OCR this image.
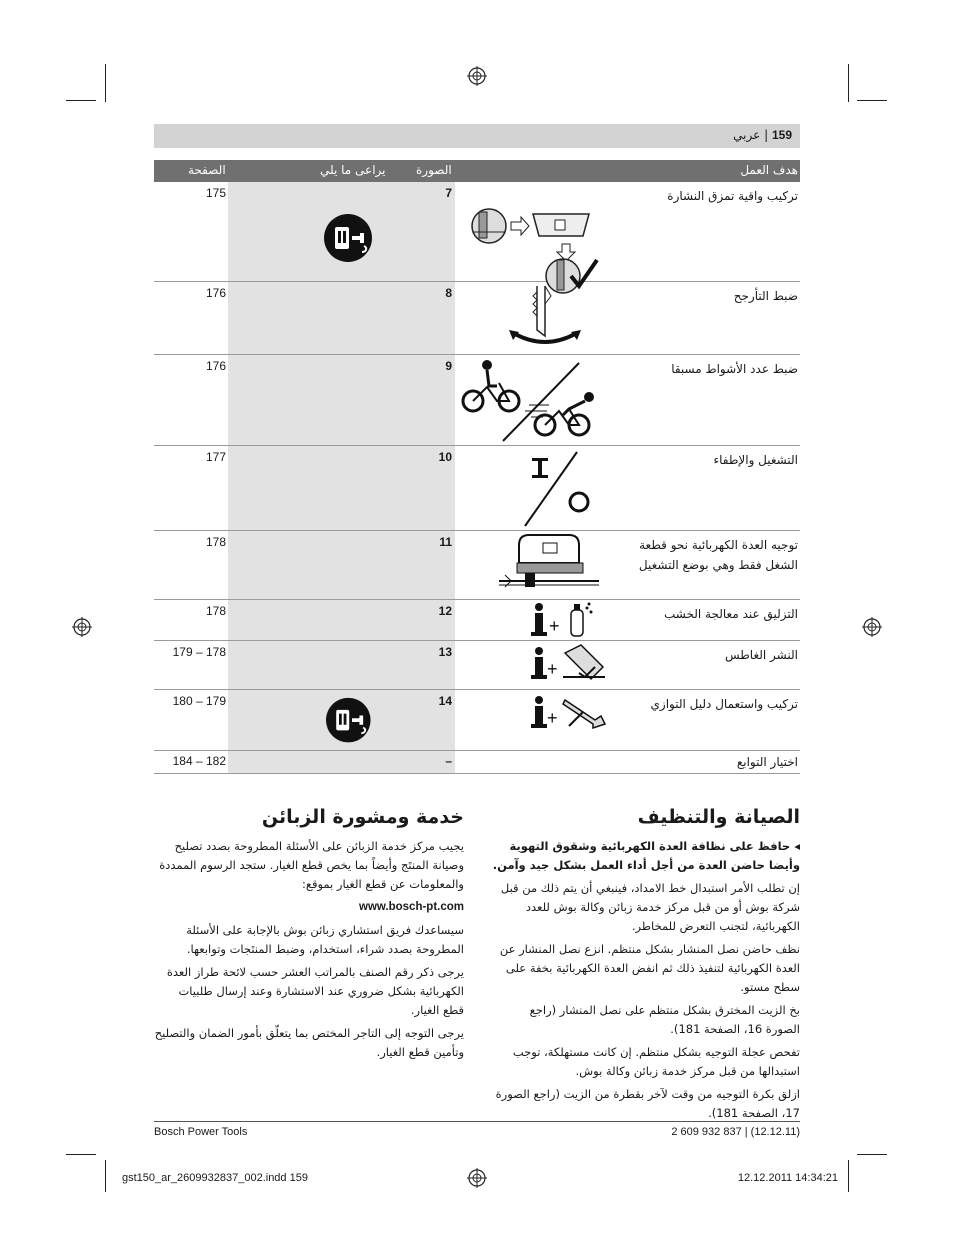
159 | عربي
الصفحة	يراعى ما يلي	الصورة	هدف العمل
175	7	تركيب واقية تمزق النشارة
176	8	ضبط التأرجح
176	9	ضبط عدد الأشواط مسبقا
177	10	التشغيل والإطفاء
178	11	توجيه العدة الكهربائية نحو قطعة الشغل فقط وهي بوضع التشغيل
178	12	التزليق عند معالجة الخشب
+
179 – 178	13	النشر الغاطس
+
180 – 179	14	تركيب واستعمال دليل التوازي
+
184 – 182	–	اختيار التوابع
الصيانة والتنظيف

◂ حافظ على نظافة العدة الكهربائية وشقوق التهوية وأيضا حاضن العدة من أجل أداء العمل بشكل جيد وآمن.

إن تطلب الأمر استبدال خط الامداد، فينبغي أن يتم ذلك من قبل شركة بوش أو من قبل مركز خدمة زبائن وكالة بوش للعدد الكهربائية، لتجنب التعرض للمخاطر.

نظف حاضن نصل المنشار بشكل منتظم. انزع نصل المنشار عن العدة الكهربائية لتنفيذ ذلك ثم انفض العدة الكهربائية بخفة على سطح مستو.

بخ الزيت المخترق بشكل منتظم على نصل المنشار (راجع الصورة 16، الصفحة 181).

تفحص عجلة التوجيه بشكل منتظم. إن كانت مستهلكة، توجب استبدالها من قبل مركز خدمة زبائن وكالة بوش.

ازلق بكرة التوجيه من وقت لآخر بقطرة من الزيت (راجع الصورة 17، الصفحة 181).

خدمة ومشورة الزبائن

يجيب مركز خدمة الزبائن على الأسئلة المطروحة بصدد تصليح وصيانة المنتَج وأيضاً بما يخص قطع الغيار. ستجد الرسوم الممددة والمعلومات عن قطع الغيار بموقع:

www.bosch-pt.com

سيساعدك فريق استشاري زبائن بوش بالإجابة على الأسئلة المطروحة بصدد شراء، استخدام، وضبط المنتَجات وتوابعها.

يرجى ذكر رقم الصنف بالمراتب العشر حسب لائحة طراز العدة الكهربائية بشكل ضروري عند الاستشارة وعند إرسال طلبيات قطع الغيار.

يرجى التوجه إلى التاجر المختص بما يتعلّق بأمور الضمان والتصليح وتأمين قطع الغيار.

Bosch Power Tools	2 609 932 837 | (12.12.11)
gst150_ar_2609932837_002.indd 159	12.12.2011 14:34:21
